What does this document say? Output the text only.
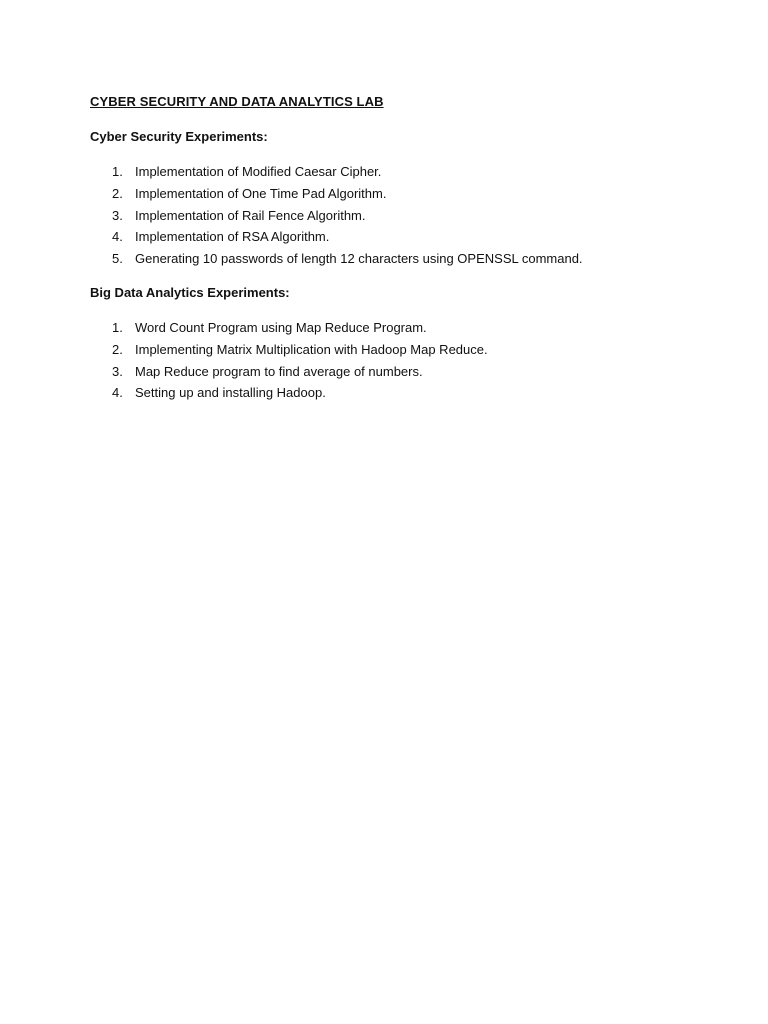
CYBER SECURITY AND DATA ANALYTICS LAB
Cyber Security Experiments:
1. Implementation of Modified Caesar Cipher.
2. Implementation of One Time Pad Algorithm.
3. Implementation of Rail Fence Algorithm.
4. Implementation of RSA Algorithm.
5. Generating 10 passwords of length 12 characters using OPENSSL command.
Big Data Analytics Experiments:
1. Word Count Program using Map Reduce Program.
2. Implementing Matrix Multiplication with Hadoop Map Reduce.
3. Map Reduce program to find average of numbers.
4. Setting up and installing Hadoop.
